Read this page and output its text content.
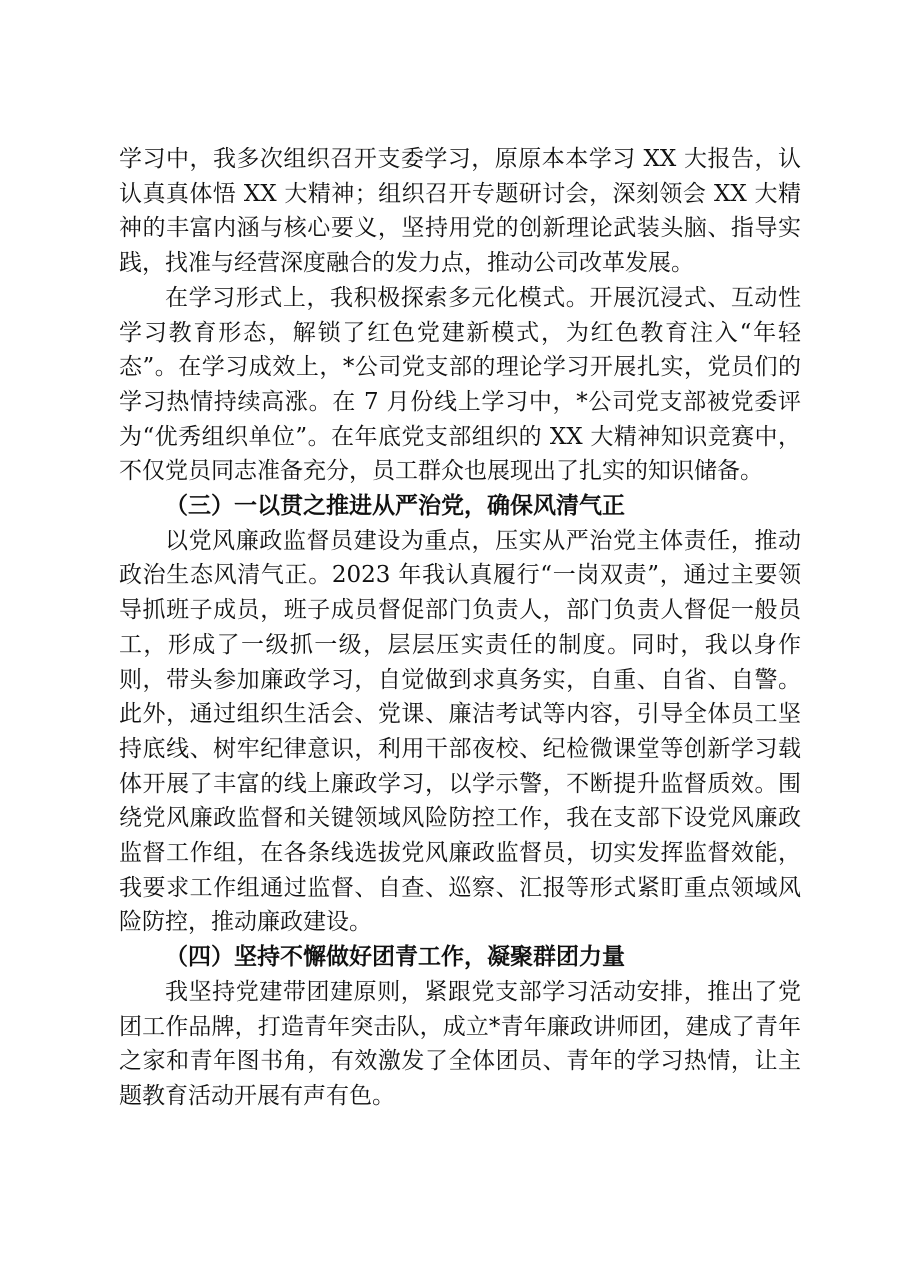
学习中，我多次组织召开支委学习，原原本本学习 XX 大报告，认认真真体悟 XX 大精神；组织召开专题研讨会，深刻领会 XX 大精神的丰富内涵与核心要义，坚持用党的创新理论武装头脑、指导实践，找准与经营深度融合的发力点，推动公司改革发展。

在学习形式上，我积极探索多元化模式。开展沉浸式、互动性学习教育形态，解锁了红色党建新模式，为红色教育注入“年轻态”。在学习成效上，*公司党支部的理论学习开展扎实，党员们的学习热情持续高涨。在 7 月份线上学习中，*公司党支部被党委评为“优秀组织单位”。在年底党支部组织的 XX 大精神知识竞赛中，不仅党员同志准备充分，员工群众也展现出了扎实的知识储备。

（三）一以贯之推进从严治党，确保风清气正

以党风廉政监督员建设为重点，压实从严治党主体责任，推动政治生态风清气正。2023 年我认真履行“一岗双责”，通过主要领导抓班子成员，班子成员督促部门负责人，部门负责人督促一般员工，形成了一级抓一级，层层压实责任的制度。同时，我以身作则，带头参加廉政学习，自觉做到求真务实，自重、自省、自警。此外，通过组织生活会、党课、廉洁考试等内容，引导全体员工坚持底线、树牢纪律意识，利用干部夜校、纪检微课堂等创新学习载体开展了丰富的线上廉政学习，以学示警，不断提升监督质效。围绕党风廉政监督和关键领域风险防控工作，我在支部下设党风廉政监督工作组，在各条线选拔党风廉政监督员，切实发挥监督效能，我要求工作组通过监督、自查、巡察、汇报等形式紧盯重点领域风险防控，推动廉政建设。

（四）坚持不懈做好团青工作，凝聚群团力量

我坚持党建带团建原则，紧跟党支部学习活动安排，推出了党团工作品牌，打造青年突击队，成立*青年廉政讲师团，建成了青年之家和青年图书角，有效激发了全体团员、青年的学习热情，让主题教育活动开展有声有色。
